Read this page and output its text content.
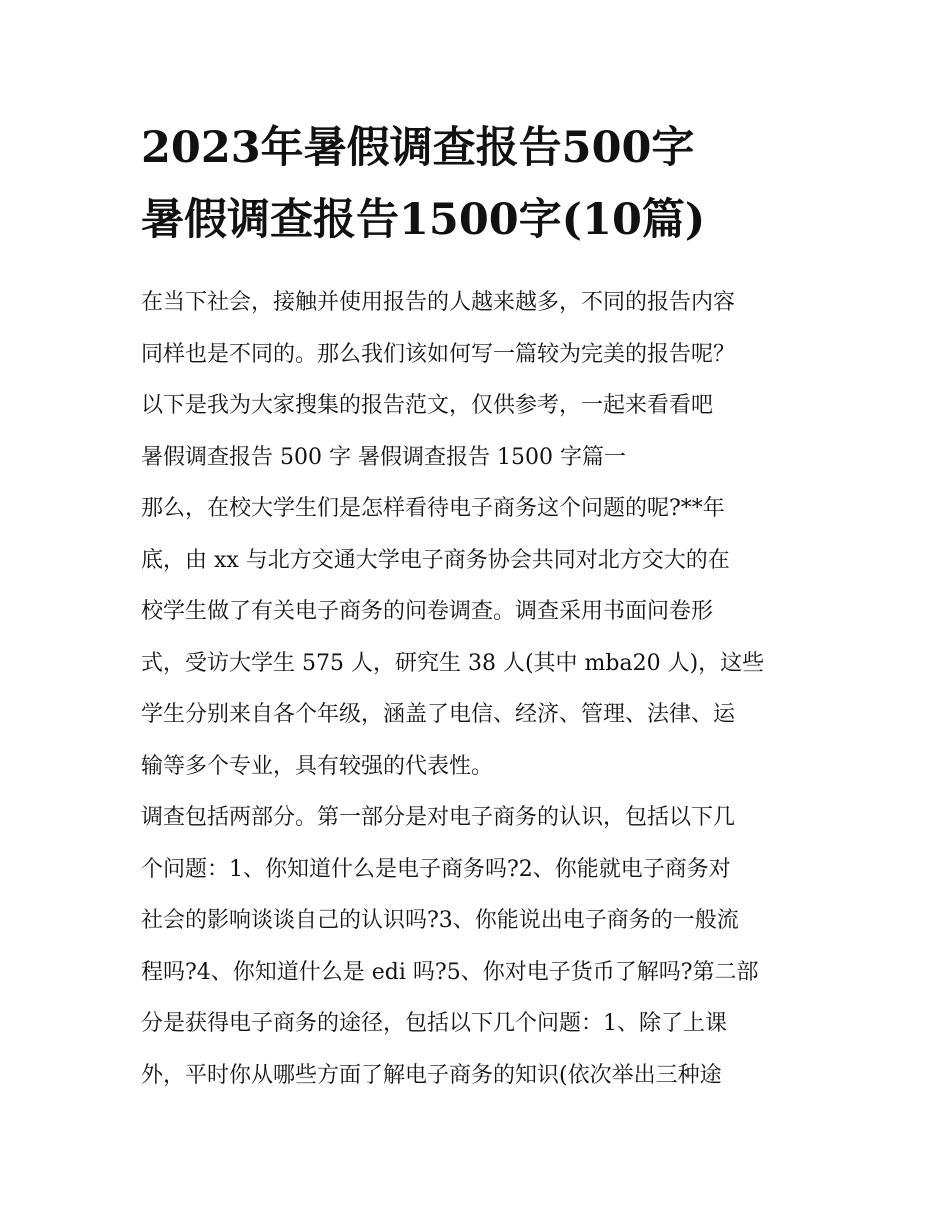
2023年暑假调查报告500字
暑假调查报告1500字(10篇)
在当下社会，接触并使用报告的人越来越多，不同的报告内容
同样也是不同的。那么我们该如何写一篇较为完美的报告呢？
以下是我为大家搜集的报告范文，仅供参考，一起来看看吧
暑假调查报告 500 字 暑假调查报告 1500 字篇一
那么，在校大学生们是怎样看待电子商务这个问题的呢?**年
底，由 xx 与北方交通大学电子商务协会共同对北方交大的在
校学生做了有关电子商务的问卷调查。调查采用书面问卷形
式，受访大学生 575 人，研究生 38 人(其中 mba20 人)，这些
学生分别来自各个年级，涵盖了电信、经济、管理、法律、运
输等多个专业，具有较强的代表性。
调查包括两部分。第一部分是对电子商务的认识，包括以下几
个问题：1、你知道什么是电子商务吗?2、你能就电子商务对
社会的影响谈谈自己的认识吗?3、你能说出电子商务的一般流
程吗?4、你知道什么是 edi 吗?5、你对电子货币了解吗?第二部
分是获得电子商务的途径，包括以下几个问题：1、除了上课
外，平时你从哪些方面了解电子商务的知识(依次举出三种途
